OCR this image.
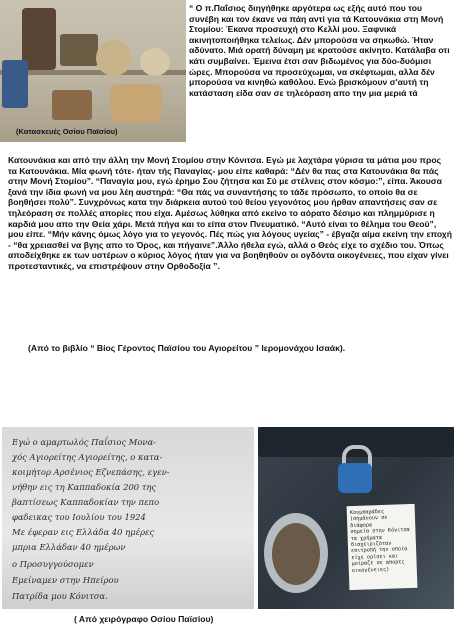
(Κατασκευές Οσίου Παϊσίου)
“ Ο π.Παΐσιος διηγήθηκε αργότερα ως εξής αυτό που του συνέβη και τον έκανε να πάη αντί για τά Κατουνάκια στη Μονή Στομίου: Έκανα προσευχή στο Κελλί μου. Ξαφνικά ακινητοποιήθηκα τελείως. Δέν μπορούσα να σηκωθώ. Ήταν αδύνατο. Μιά ορατή δύναμη με κρατούσε ακίνητο. Κατάλαβα οτι κάτι συμβαίνει. Έμεινα έτσι σαν βιδωμένος για δύο-δυόμισι ώρες. Μπορούσα να προσεύχωμαι, να σκέφτωμαι, αλλα δέν μπορούσα να κινηθώ καθόλου. Ενώ βρισκόμουν σ'αυτή τη κατάσταση είδα σαν σε τηλεόραση απο την μια μεριά τά
Κατουνάκια και από την άλλη την Μονή Στομίου στην Κόνιτσα. Εγώ με λαχτάρα γύρισα τα μάτια μου προς τα Κατουνάκια. Μία φωνή τότε- ήταν τής Παναγίας- μου είπε καθαρά: “Δέν θα πας στα Κατουνάκια θα πάς στην Μονή Στομίου”. “Παναγία μου, εγώ έρημο Σου ζήτησα και Σύ με στέλνεις στον κόσμο:”, είπα. Άκουσα ξανά την ίδια φωνή να μου λέη αυστηρά: “Θα πάς να συναντήσης το τάδε πρόσωπο, το οποίο θα σε βοηθήσει πολύ”. Συνχρόνως κατα την διάρκεια αυτού τού θείου γεγονότος μου ήρθαν απαντήσεις σαν σε τηλεόραση σε πολλές απορίες που είχα. Αμέσως λύθηκα από εκείνο το αόρατο δέσιμο και πλημμύρισε η καρδιά μου απο την Θεία χάρι. Μετά πήγα και το είπα στον Πνευματικό. “Αυτό είναι το θέλημα του Θεού”, μου είπε. “Μήν κάνης όμως λόγο για το γεγονός. Πές πώς για λόγους υγείας” - έβγαζα αίμα εκείνη την εποχή - “θα χρειασθεί να βγης απο το Όρος, και πήγαινε”.Άλλο ήθελα εγώ, αλλά ο Θεός είχε το σχέδιο του. Όπως αποδείχθηκε εκ των υστέρων ο κύριος λόγος ήταν για να βοηθηθούν οι ογδόντα οικογένειες, που είχαν γίνει προτεσταντικές, να επιστρέψουν στην Ορθοδοξία ”.
(Από το βιβλίο “ Βίος Γέροντος Παϊσίου του Αγιορείτου ” Ιερομονάχου Ισαάκ).
Εγώ ο αμαρτωλός Παΐσιος Μονα-
χός Αγιορείτης Αγιορείτης, ο κατα-
κοιμήτορ Αρσένιος Εζνεπάσης, εγεν-
νήθην εις τη Καππαδοκία 200 της
βαπτίσεως Καππαδοκίαν την πεπο
φαδεικας του Ιουλίου του 1924
Με έφεραν εις Ελλάδα 40 ημέρες
μπρια Ελλάδαν 40 ημέρων
ο Προσυγγούσομεν
Εμείναμεν στην Ηπείρου
Πατρίδα μου Κόνιτσα.
Κουμπαράδες
(σημάνουν σε διάφορα
σημεία στην Κόνιτσα
τα χρήματα
διαχειριζόταν
επιτροπή την οποία
είχε ορίσει και
μοίραζε σε απορες
οικογένειες)
( Από χειρόγραφο Οσίου Παϊσίου)
